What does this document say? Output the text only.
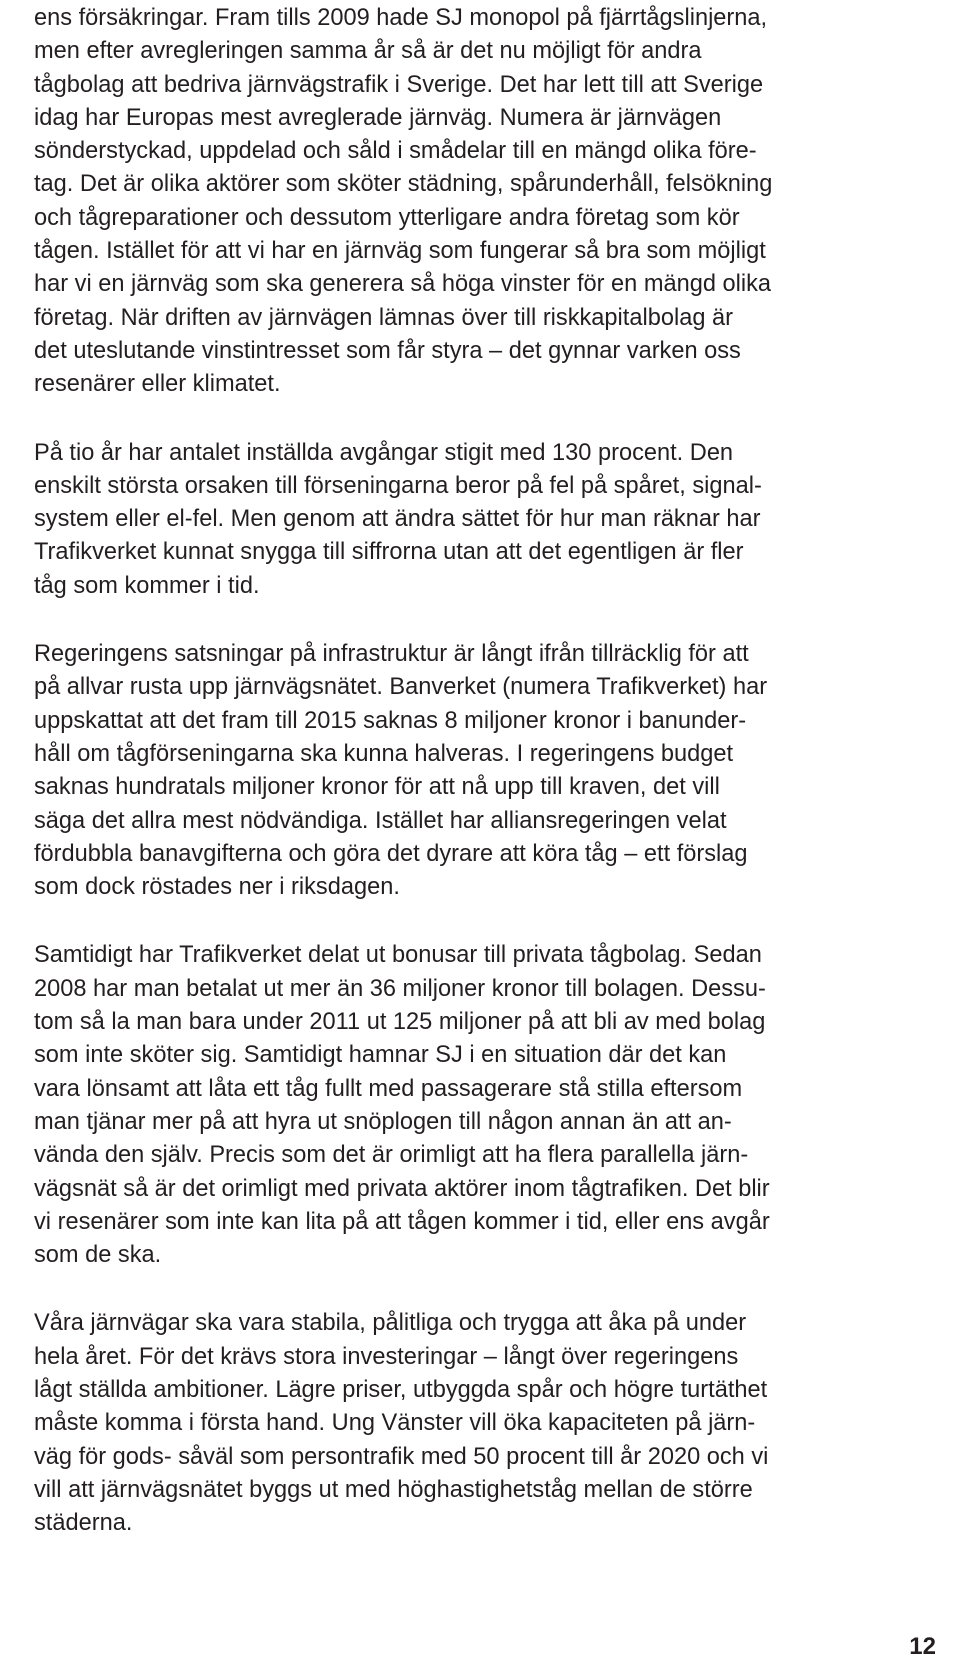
ens försäkringar. Fram tills 2009 hade SJ monopol på fjärrtågslinjerna,
men efter avregleringen samma år så är det nu möjligt för andra
tågbolag att bedriva järnvägstrafik i Sverige. Det har lett till att Sverige
idag har Europas mest avreglerade järnväg. Numera är järnvägen
sönderstyckad, uppdelad och såld i smådelar till en mängd olika före-
tag. Det är olika aktörer som sköter städning, spårunderhåll, felsökning
och tågreparationer och dessutom ytterligare andra företag som kör
tågen. Istället för att vi har en järnväg som fungerar så bra som möjligt
har vi en järnväg som ska generera så höga vinster för en mängd olika
företag. När driften av järnvägen lämnas över till riskkapitalbolag är
det uteslutande vinstintresset som får styra – det gynnar varken oss
resenärer eller klimatet.
På tio år har antalet inställda avgångar stigit med 130 procent. Den
enskilt största orsaken till förseningarna beror på fel på spåret, signal-
system eller el-fel. Men genom att ändra sättet för hur man räknar har
Trafikverket kunnat snygga till siffrorna utan att det egentligen är fler
tåg som kommer i tid.
Regeringens satsningar på infrastruktur är långt ifrån tillräcklig för att
på allvar rusta upp järnvägsnätet. Banverket (numera Trafikverket) har
uppskattat att det fram till 2015 saknas 8 miljoner kronor i banunder-
håll om tågförseningarna ska kunna halveras. I regeringens budget
saknas hundratals miljoner kronor för att nå upp till kraven, det vill
säga det allra mest nödvändiga. Istället har alliansregeringen velat
fördubbla banavgifterna och göra det dyrare att köra tåg – ett förslag
som dock röstades ner i riksdagen.
Samtidigt har Trafikverket delat ut bonusar till privata tågbolag. Sedan
2008 har man betalat ut mer än 36 miljoner kronor till bolagen. Dessu-
tom så la man bara under 2011 ut 125 miljoner på att bli av med bolag
som inte sköter sig. Samtidigt hamnar SJ i en situation där det kan
vara lönsamt att låta ett tåg fullt med passagerare stå stilla eftersom
man tjänar mer på att hyra ut snöplogen till någon annan än att an-
vända den själv. Precis som det är orimligt att ha flera parallella järn-
vägsnät så är det orimligt med privata aktörer inom tågtrafiken. Det blir
vi resenärer som inte kan lita på att tågen kommer i tid, eller ens avgår
som de ska.
Våra järnvägar ska vara stabila, pålitliga och trygga att åka på under
hela året. För det krävs stora investeringar – långt över regeringens
lågt ställda ambitioner. Lägre priser, utbyggda spår och högre turtäthet
måste komma i första hand. Ung Vänster vill öka kapaciteten på järn-
väg för gods- såväl som persontrafik med 50 procent till år 2020 och vi
vill att järnvägsnätet byggs ut med höghastighetståg mellan de större
städerna.
12
